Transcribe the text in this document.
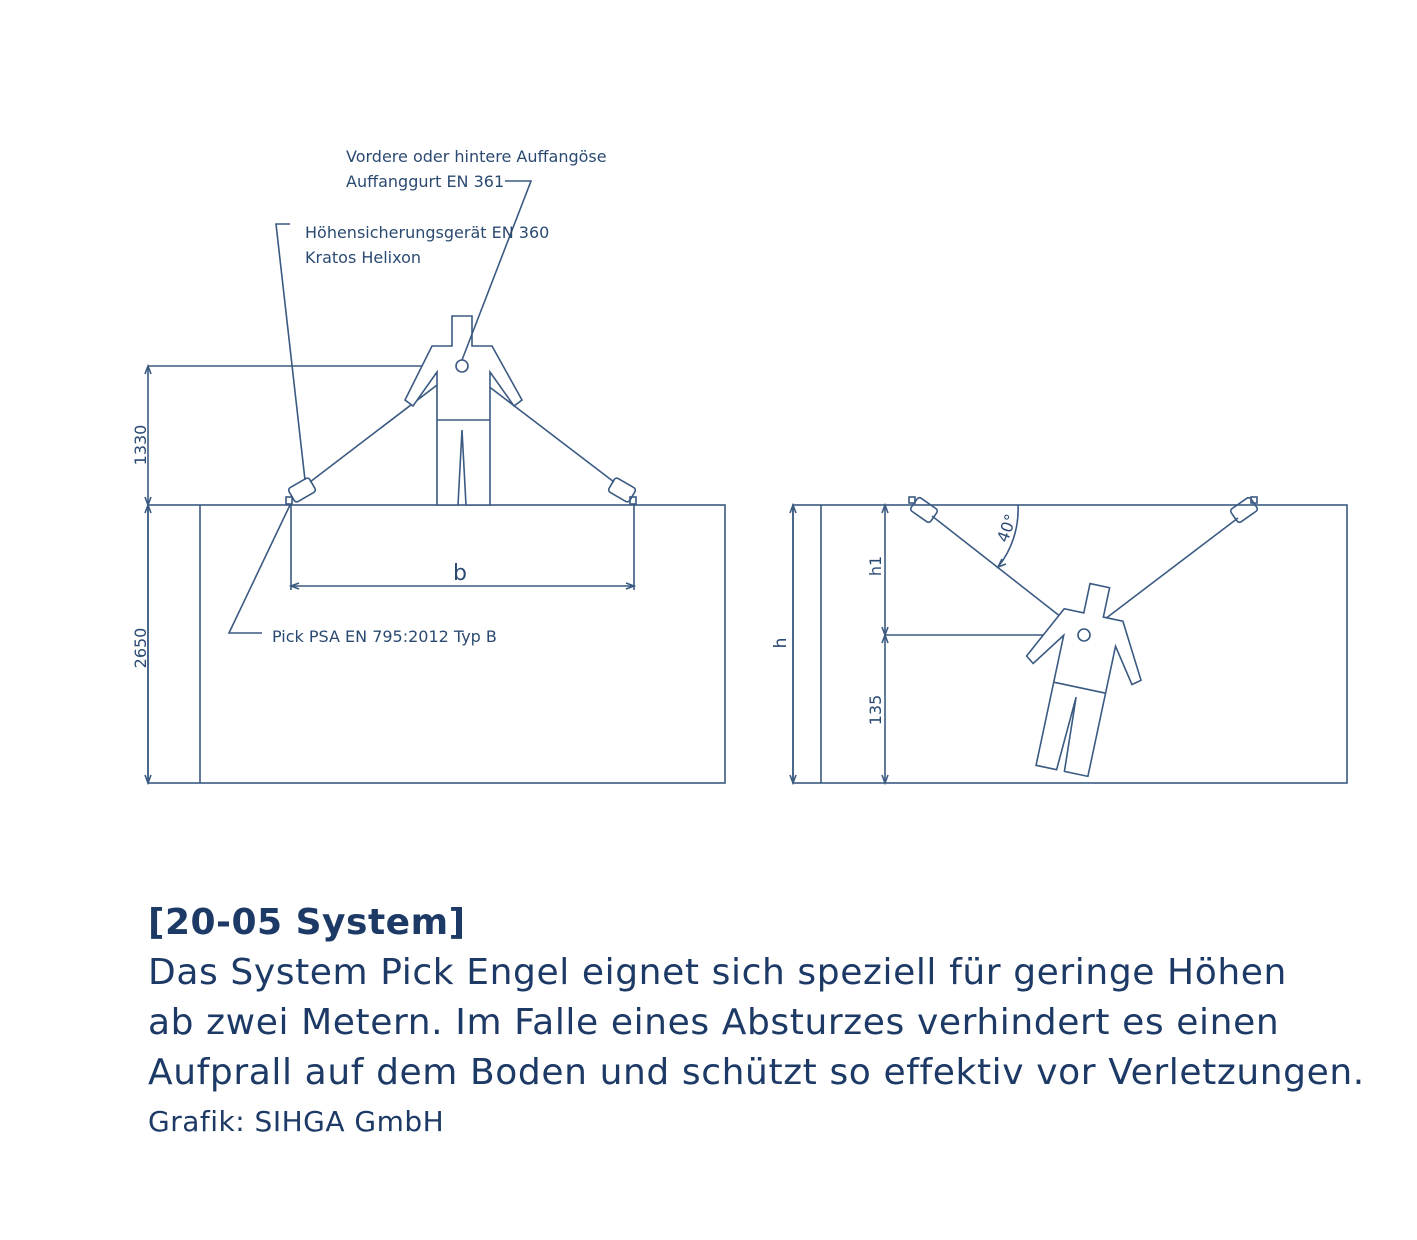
1330
2650
b
Vordere oder hintere Auffangöse
Auffanggurt EN 361
Höhensicherungsgerät EN 360
Kratos Helixon
Pick PSA EN 795:2012 Typ B	h
h1
135
40°
[20-05 System]
Das System Pick Engel eignet sich speziell für geringe Höhen
ab zwei Metern. Im Falle eines Absturzes verhindert es einen
Aufprall auf dem Boden und schützt so effektiv vor Verletzungen.
Grafik: SIHGA GmbH
